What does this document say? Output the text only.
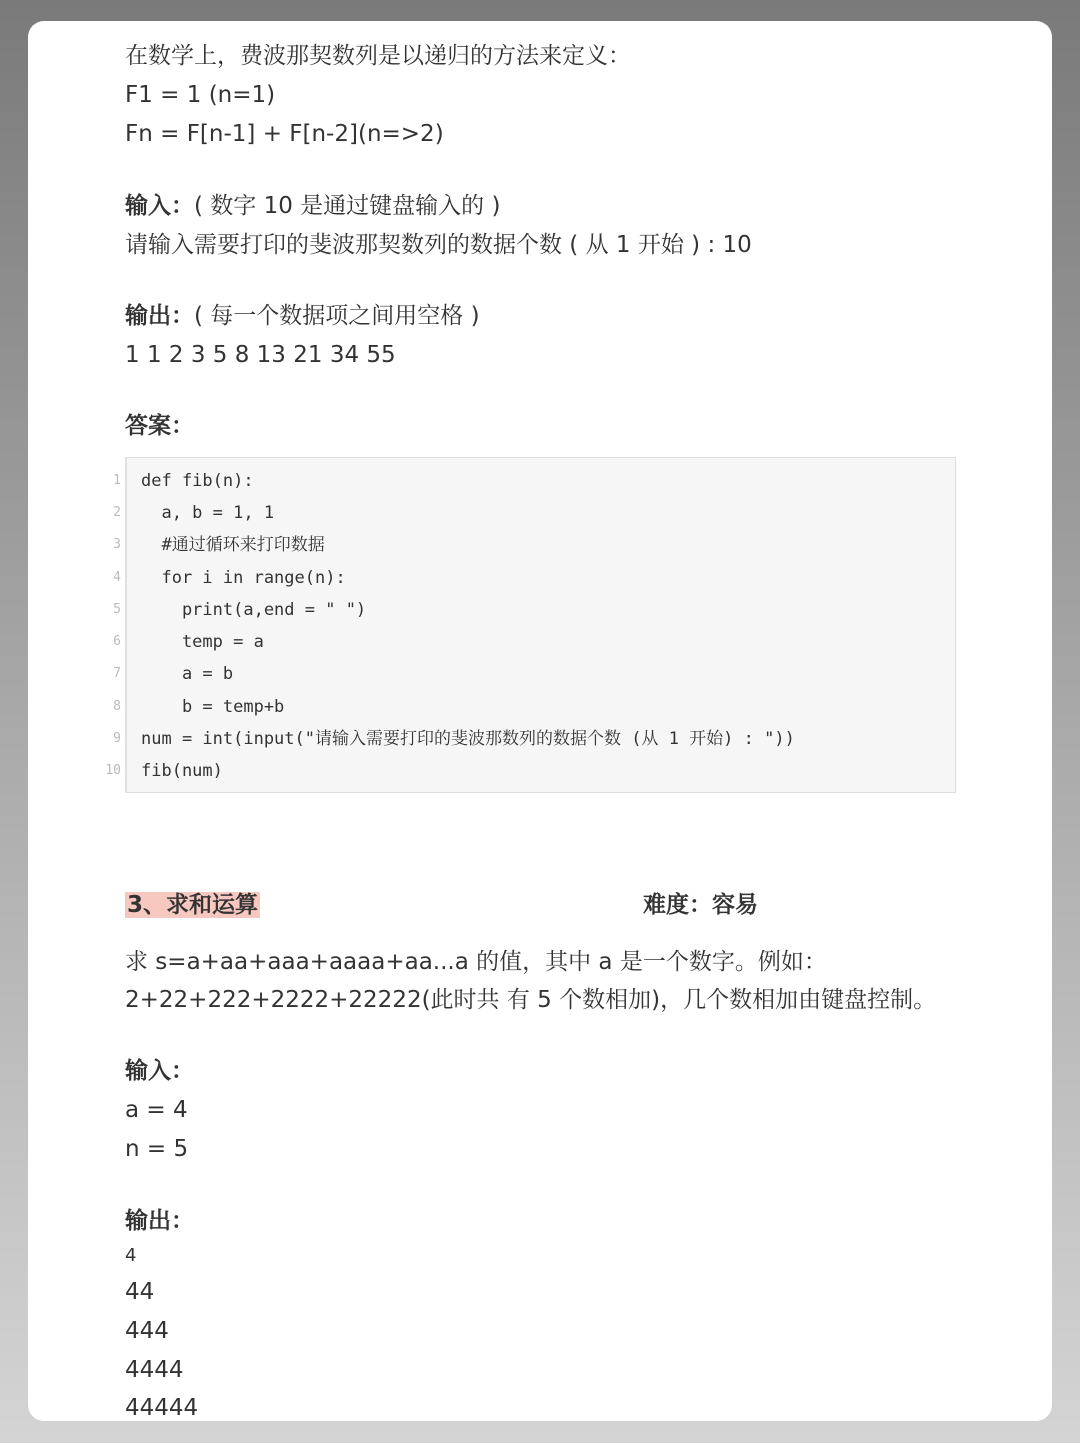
在数学上，费波那契数列是以递归的方法来定义：
F1 = 1 (n=1)
Fn = F[n-1] + F[n-2](n=>2)
输入：( 数字 10 是通过键盘输入的 )
请输入需要打印的斐波那契数列的数据个数 ( 从 1 开始 ) : 10
输出：( 每一个数据项之间用空格 )
1 1 2 3 5 8 13 21 34 55
答案：
1 def fib(n):
2 a, b = 1, 1
3 #通过循环来打印数据
4 for i in range(n):
5 print(a,end = " ")
6 temp = a
7 a = b
8 b = temp+b
9 num = int(input("请输入需要打印的斐波那数列的数据个数 (从 1 开始) : "))
10 fib(num)
3、求和运算	难度：容易
求 s=a+aa+aaa+aaaa+aa...a 的值，其中 a 是一个数字。例如：
2+22+222+2222+22222(此时共 有 5 个数相加)，几个数相加由键盘控制。
输入：
a = 4
n = 5
输出：
4
44
444
4444
44444
